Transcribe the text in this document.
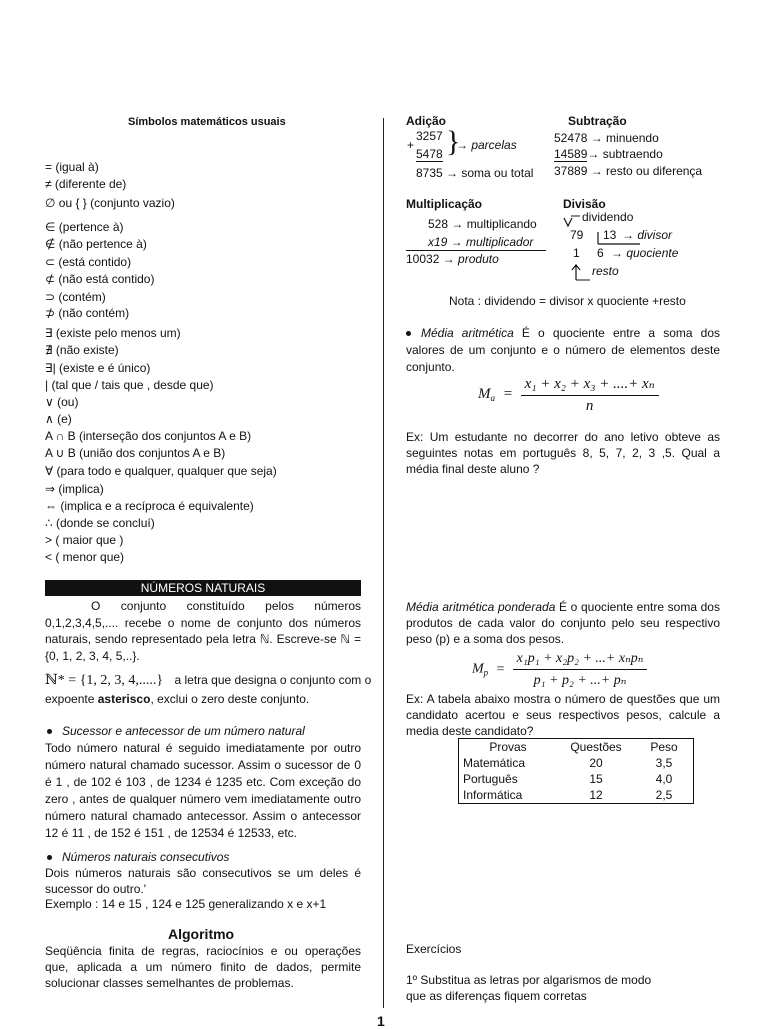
Símbolos matemáticos usuais
= (igual à)
≠ (diferente de)
∅ ou { } (conjunto vazio)
∈ (pertence à)
∉ (não pertence à)
⊂ (está contido)
⊄ (não está contido)
⊃ (contém)
⊅ (não contém)
∃ (existe pelo menos um)
∄ (não existe)
∃| (existe e é único)
| (tal que / tais que , desde que)
∨ (ou)
∧ (e)
A ∩ B (interseção dos conjuntos A e B)
A ∪ B (união dos conjuntos A e B)
∀ (para todo e qualquer, qualquer que seja)
⇒ (implica)
⇔ (implica e a recíproca é equivalente)
∴ (donde se concluí)
> ( maior que )
< ( menor que)
NÚMEROS NATURAIS
O conjunto constituído pelos números 0,1,2,3,4,5,.... recebe o nome de conjunto dos números naturais, sendo representado pela letra ℕ. Escreve-se ℕ = {0, 1, 2, 3, 4, 5,..}.
ℕ* = {1, 2, 3, 4,.....} a letra que designa o conjunto com o
expoente asterisco, exclui o zero deste conjunto.
Sucessor e antecessor de um número natural
Todo número natural é seguido imediatamente por outro número natural chamado sucessor. Assim o sucessor de 0 é 1 , de 102 é 103 , de 1234 é 1235 etc. Com exceção do zero , antes de qualquer número vem imediatamente outro número natural chamado antecessor. Assim o antecessor 12 é 11 , de 152 é 151 , de 12534 é 12533, etc.
Números naturais consecutivos
Dois números naturais são consecutivos se um deles é sucessor do outro.'
Exemplo : 14 e 15 , 124 e 125 generalizando x e x+1
Algoritmo
Seqüência finita de regras, raciocínios e ou operações que, aplicada a um número finito de dados, permite solucionar classes semelhantes de problemas.
Adição
3257
+
5478 }
→ parcelas
8735 → soma ou total
Subtração
52478 → minuendo
14589→ subtraendo
37889 → resto ou diferença
Multiplicação
528 → multiplicando
x19 → multiplicador
10032 → produto
Divisão
dividendo
79 13 → divisor
1 6 → quociente
resto
Nota : dividendo = divisor x quociente +resto
Média aritmética É o quociente entre a soma dos valores de um conjunto e o número de elementos deste conjunto.
$M_a = \frac{\text{x₁ + x₂ + x₃ + ....+ xₙ}}{n}$
Ex: Um estudante no decorrer do ano letivo obteve as seguintes notas em português 8, 5, 7, 2, 3 ,5. Qual a média final deste aluno ?
Média aritmética ponderada É o quociente entre soma dos produtos de cada valor do conjunto pelo seu respectivo peso (p) e a soma dos pesos.
$M_p = \frac{\text{x₁p₁ + x₂p₂ + ...+ xₙpₙ}}{\text{p₁ + p₂ + ...+ pₙ}}$
Ex: A tabela abaixo mostra o número de questões que um candidato acertou e seus respectivos pesos, calcule a media deste candidato?
Provas	Questões	Peso
Matemática	20	3,5
Português	15	4,0
Informática	12	2,5
Exercícios
1º Substitua as letras por algarismos de modo
que as diferenças fiquem corretas
1
